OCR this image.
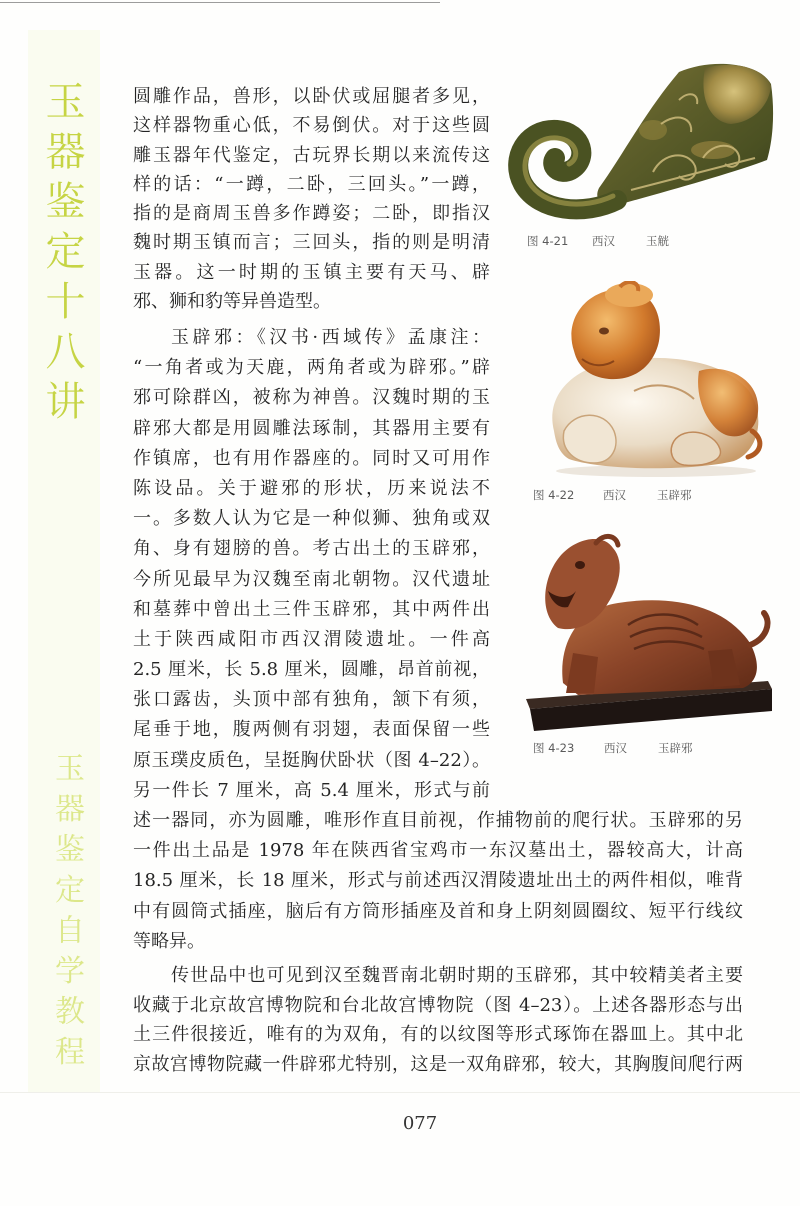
玉器鉴定十八讲
玉器鉴定自学教程
圆雕作品，兽形，以卧伏或屈腿者多见，
这样器物重心低，不易倒伏。对于这些圆
雕玉器年代鉴定，古玩界长期以来流传这
样的话：“一蹲，二卧，三回头。”一蹲，
指的是商周玉兽多作蹲姿；二卧，即指汉
魏时期玉镇而言；三回头，指的则是明清
玉器。这一时期的玉镇主要有天马、辟
邪、狮和豹等异兽造型。
玉辟邪：《汉书·西域传》孟康注：
“一角者或为天鹿，两角者或为辟邪。”辟
邪可除群凶，被称为神兽。汉魏时期的玉
辟邪大都是用圆雕法琢制，其器用主要有
作镇席，也有用作器座的。同时又可用作
陈设品。关于避邪的形状，历来说法不
一。多数人认为它是一种似狮、独角或双
角、身有翅膀的兽。考古出土的玉辟邪，
今所见最早为汉魏至南北朝物。汉代遗址
和墓葬中曾出土三件玉辟邪，其中两件出
土于陕西咸阳市西汉渭陵遗址。一件高
2.5 厘米，长 5.8 厘米，圆雕，昂首前视，
张口露齿，头顶中部有独角，颔下有须，
尾垂于地，腹两侧有羽翅，表面保留一些
原玉璞皮质色，呈挺胸伏卧状（图 4–22）。
另一件长 7 厘米，高 5.4 厘米，形式与前
述一器同，亦为圆雕，唯形作直目前视，作捕物前的爬行状。玉辟邪的另
一件出土品是 1978 年在陕西省宝鸡市一东汉墓出土，器较高大，计高
18.5 厘米，长 18 厘米，形式与前述西汉渭陵遗址出土的两件相似，唯背
中有圆筒式插座，脑后有方筒形插座及首和身上阴刻圆圈纹、短平行线纹
等略异。
传世品中也可见到汉至魏晋南北朝时期的玉辟邪，其中较精美者主要
收藏于北京故宫博物院和台北故宫博物院（图 4–23）。上述各器形态与出
土三件很接近，唯有的为双角，有的以纹图等形式琢饰在器皿上。其中北
京故宫博物院藏一件辟邪尤特别，这是一双角辟邪，较大，其胸腹间爬行两
图 4-21 西汉	玉觥
图 4-22 西汉	玉辟邪
图 4-23	西汉	玉辟邪
077
